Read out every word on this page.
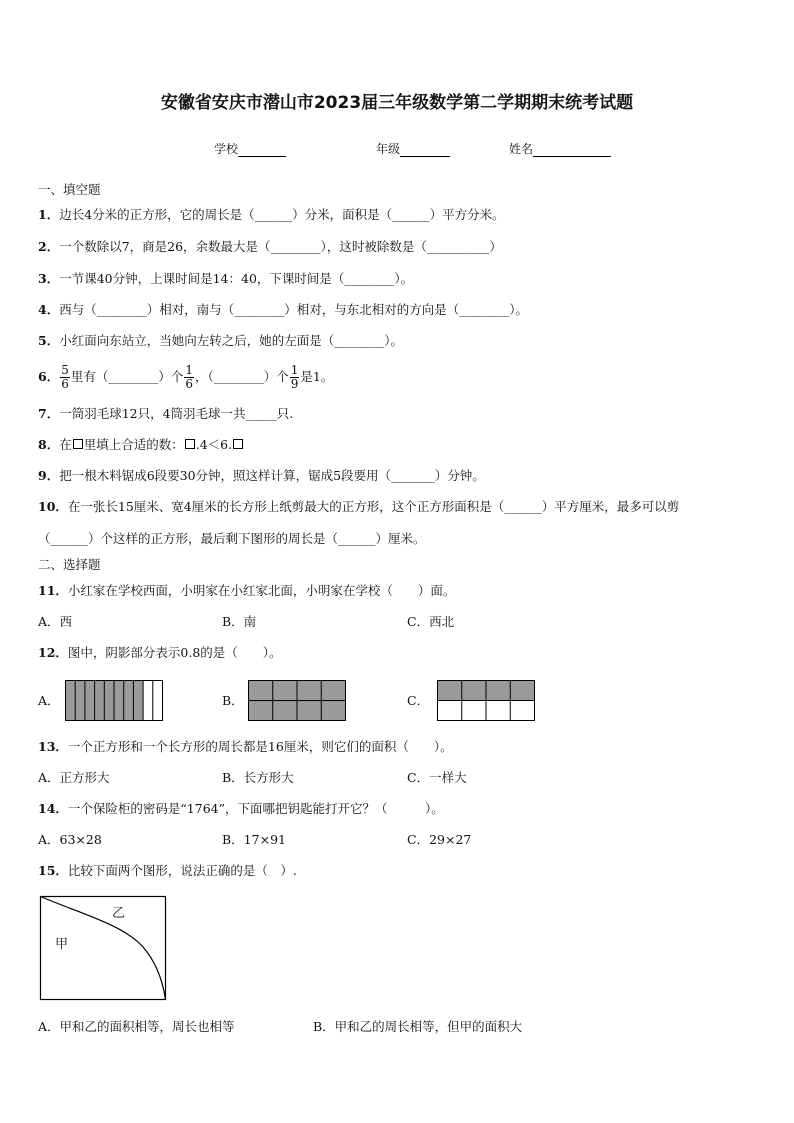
安徽省安庆市潜山市2023届三年级数学第二学期期末统考试题
学校	年级	姓名
一、填空题
1．边长4分米的正方形，它的周长是（______）分米，面积是（______）平方分米。
2．一个数除以7，商是26，余数最大是（________），这时被除数是（__________）
3．一节课40分钟，上课时间是14：40，下课时间是（________）。
4．西与（________）相对，南与（________）相对，与东北相对的方向是（________）。
5．小红面向东站立，当她向左转之后，她的左面是（________）。
6． $\frac{5}{6}$ 里有（________）个 $\frac{1}{6}$ ，（________）个 $\frac{1}{9}$ 是1。
7．一筒羽毛球12只，4筒羽毛球一共_____只.
8．在 里填上合适的数： .4＜6.
9．把一根木料锯成6段要30分钟，照这样计算，锯成5段要用（_______）分钟。
10．在一张长15厘米、宽4厘米的长方形上纸剪最大的正方形，这个正方形面积是（______）平方厘米，最多可以剪
（______）个这样的正方形，最后剩下图形的周长是（______）厘米。
二、选择题
11．小红家在学校西面，小明家在小红家北面，小明家在学校（　　）面。
A．西	B．南	C．西北
12．图中，阴影部分表示0.8的是（　　）。
A．	B．	C．
13．一个正方形和一个长方形的周长都是16厘米，则它们的面积（　　）。
A．正方形大	B．长方形大	C．一样大
14．一个保险柜的密码是“1764”，下面哪把钥匙能打开它？（　　　）。
A．63×28	B．17×91	C．29×27
15．比较下面两个图形，说法正确的是（　）.
甲
乙
A．甲和乙的面积相等，周长也相等	B．甲和乙的周长相等，但甲的面积大
